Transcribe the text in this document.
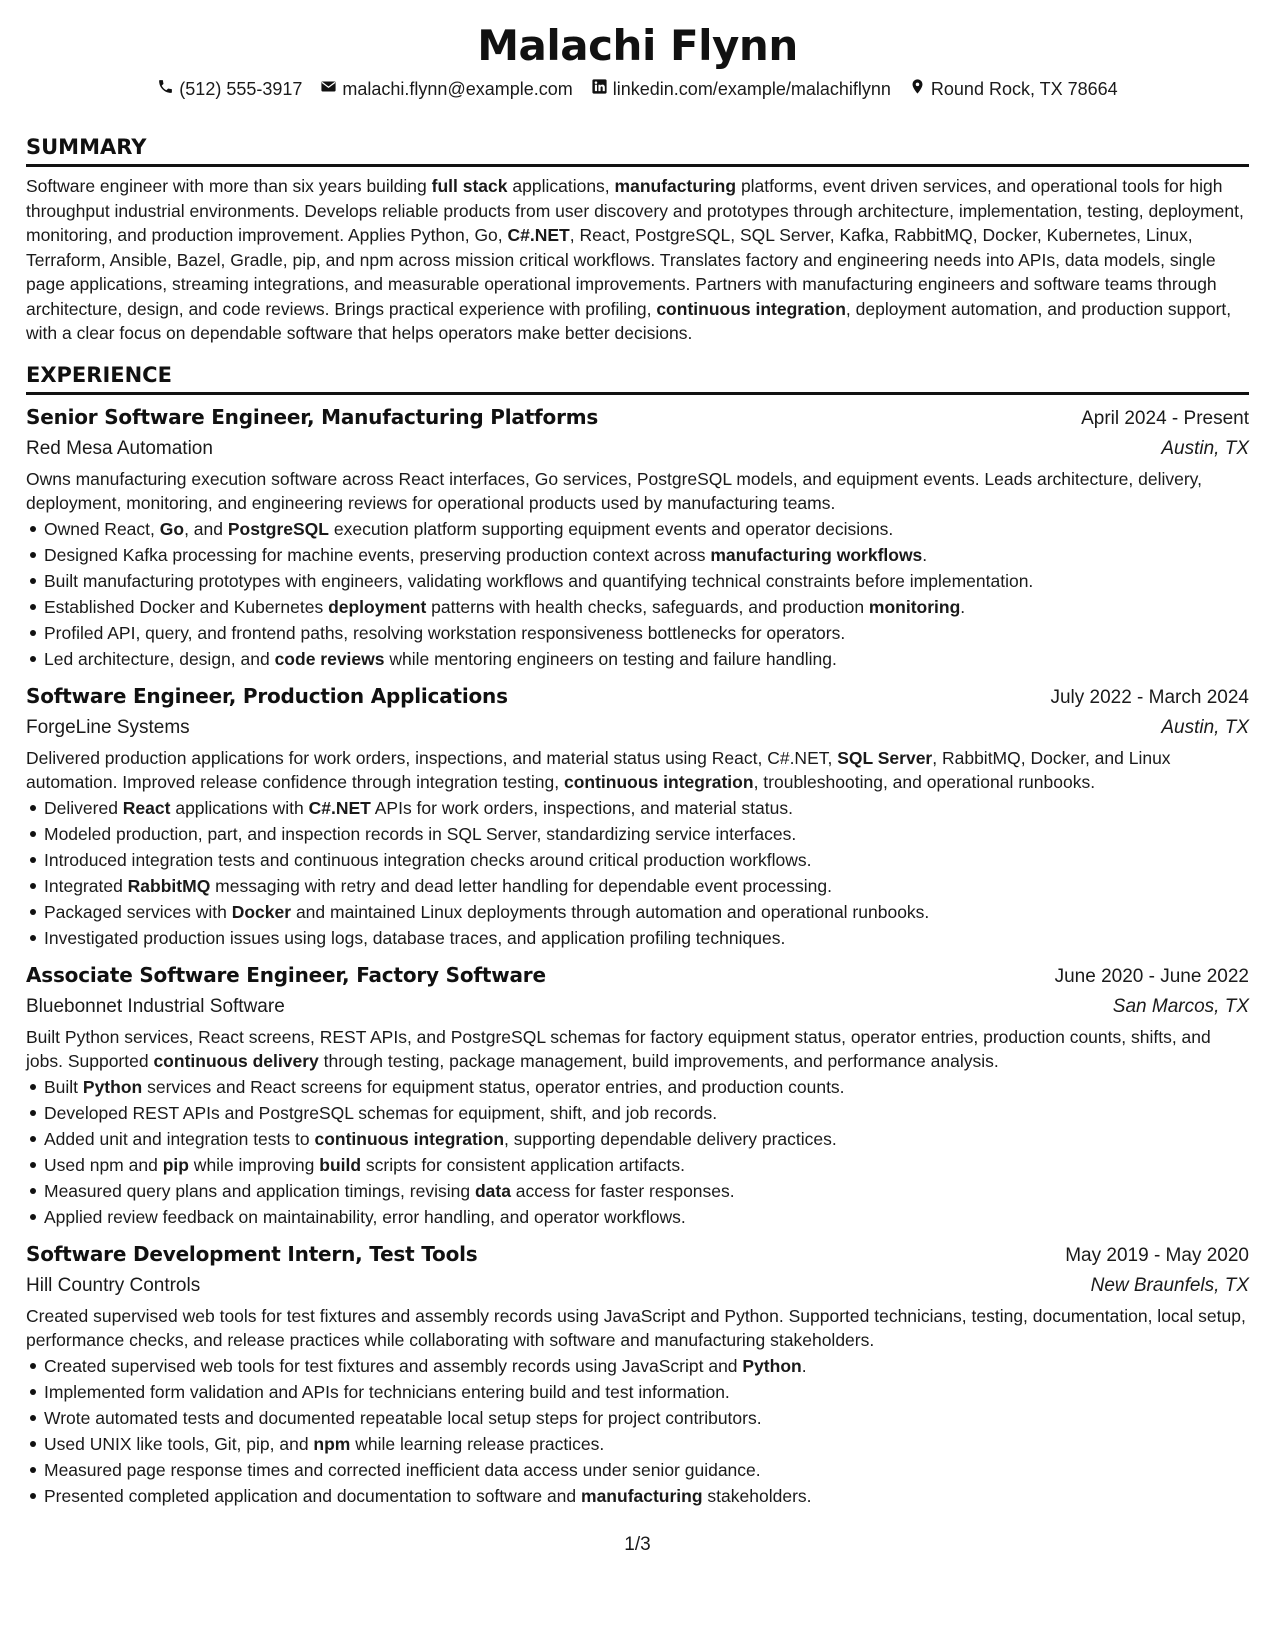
Malachi Flynn
(512) 555-3917 malachi.flynn@example.com linkedin.com/example/malachiflynn Round Rock, TX 78664
SUMMARY
Software engineer with more than six years building full stack applications, manufacturing platforms, event driven services, and operational tools for high throughput industrial environments. Develops reliable products from user discovery and prototypes through architecture, implementation, testing, deployment, monitoring, and production improvement. Applies Python, Go, C#.NET, React, PostgreSQL, SQL Server, Kafka, RabbitMQ, Docker, Kubernetes, Linux, Terraform, Ansible, Bazel, Gradle, pip, and npm across mission critical workflows. Translates factory and engineering needs into APIs, data models, single page applications, streaming integrations, and measurable operational improvements. Partners with manufacturing engineers and software teams through architecture, design, and code reviews. Brings practical experience with profiling, continuous integration, deployment automation, and production support, with a clear focus on dependable software that helps operators make better decisions.
EXPERIENCE
Senior Software Engineer, Manufacturing Platforms	April 2024 - Present
Red Mesa Automation	Austin, TX
Owns manufacturing execution software across React interfaces, Go services, PostgreSQL models, and equipment events. Leads architecture, delivery, deployment, monitoring, and engineering reviews for operational products used by manufacturing teams.
Owned React, Go, and PostgreSQL execution platform supporting equipment events and operator decisions.
Designed Kafka processing for machine events, preserving production context across manufacturing workflows.
Built manufacturing prototypes with engineers, validating workflows and quantifying technical constraints before implementation.
Established Docker and Kubernetes deployment patterns with health checks, safeguards, and production monitoring.
Profiled API, query, and frontend paths, resolving workstation responsiveness bottlenecks for operators.
Led architecture, design, and code reviews while mentoring engineers on testing and failure handling.
Software Engineer, Production Applications	July 2022 - March 2024
ForgeLine Systems	Austin, TX
Delivered production applications for work orders, inspections, and material status using React, C#.NET, SQL Server, RabbitMQ, Docker, and Linux automation. Improved release confidence through integration testing, continuous integration, troubleshooting, and operational runbooks.
Delivered React applications with C#.NET APIs for work orders, inspections, and material status.
Modeled production, part, and inspection records in SQL Server, standardizing service interfaces.
Introduced integration tests and continuous integration checks around critical production workflows.
Integrated RabbitMQ messaging with retry and dead letter handling for dependable event processing.
Packaged services with Docker and maintained Linux deployments through automation and operational runbooks.
Investigated production issues using logs, database traces, and application profiling techniques.
Associate Software Engineer, Factory Software	June 2020 - June 2022
Bluebonnet Industrial Software	San Marcos, TX
Built Python services, React screens, REST APIs, and PostgreSQL schemas for factory equipment status, operator entries, production counts, shifts, and jobs. Supported continuous delivery through testing, package management, build improvements, and performance analysis.
Built Python services and React screens for equipment status, operator entries, and production counts.
Developed REST APIs and PostgreSQL schemas for equipment, shift, and job records.
Added unit and integration tests to continuous integration, supporting dependable delivery practices.
Used npm and pip while improving build scripts for consistent application artifacts.
Measured query plans and application timings, revising data access for faster responses.
Applied review feedback on maintainability, error handling, and operator workflows.
Software Development Intern, Test Tools	May 2019 - May 2020
Hill Country Controls	New Braunfels, TX
Created supervised web tools for test fixtures and assembly records using JavaScript and Python. Supported technicians, testing, documentation, local setup, performance checks, and release practices while collaborating with software and manufacturing stakeholders.
Created supervised web tools for test fixtures and assembly records using JavaScript and Python.
Implemented form validation and APIs for technicians entering build and test information.
Wrote automated tests and documented repeatable local setup steps for project contributors.
Used UNIX like tools, Git, pip, and npm while learning release practices.
Measured page response times and corrected inefficient data access under senior guidance.
Presented completed application and documentation to software and manufacturing stakeholders.
1/3
